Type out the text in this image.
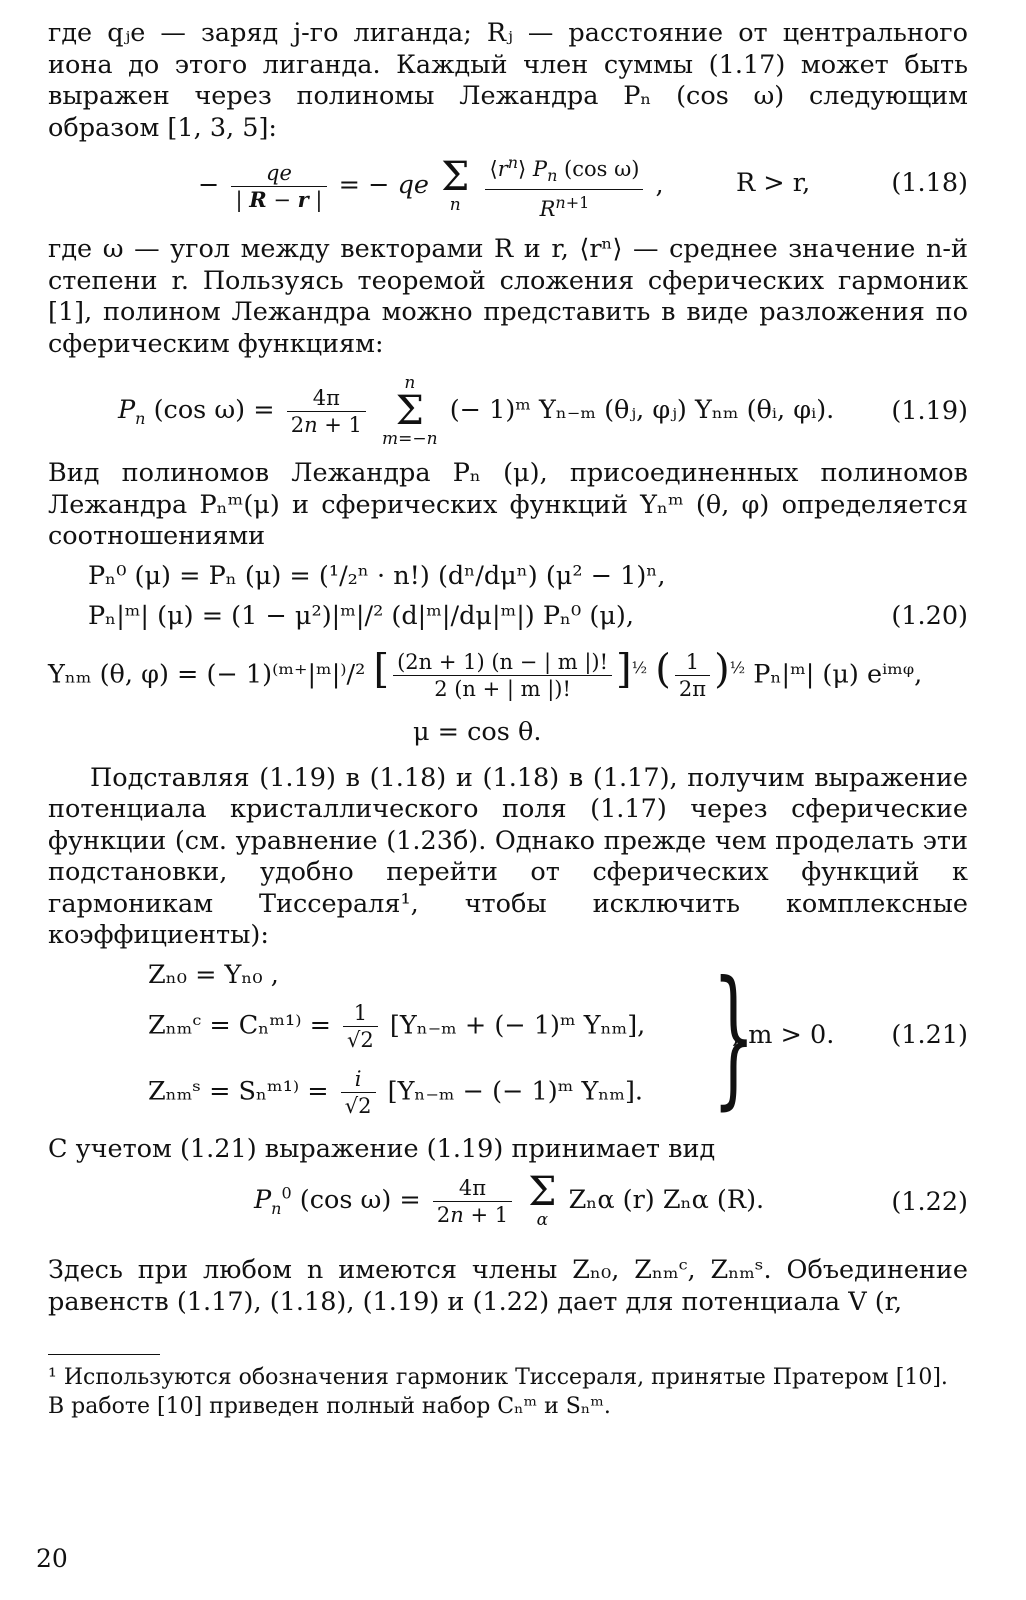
где qⱼe — заряд j-го лиганда; Rⱼ — расстояние от центрального иона до этого лиганда. Каждый член суммы (1.17) может быть выражен через полиномы Лежандра Pₙ (cos ω) следующим образом [1, 3, 5]:

− $\frac{qe}{| R - r |}$ = − qe Σ
n
	$\frac{⟨r^n⟩ P_n (\cos \omega)}{R^{n+1}}$ ,	R > r,	(1.18)

где ω — угол между векторами R и r, ⟨rⁿ⟩ — среднее значение n-й степени r. Пользуясь теоремой сложения сферических гармоник [1], полином Лежандра можно представить в виде разложения по сферическим функциям:

$P_n$ (cos $\omega) = \frac{4\pi}{2n + 1}$

n
Σ
m=−n
(− 1)ᵐ Yₙ₋ₘ (θⱼ, φⱼ) Yₙₘ (θᵢ, φᵢ). (1.19)

Вид полиномов Лежандра Pₙ (μ), присоединенных полиномов Лежандра Pₙᵐ(μ) и сферических функций Yₙᵐ (θ, φ) определяется соотношениями

Pₙ⁰ (μ) = Pₙ (μ) = (¹/₂ⁿ · n!) (dⁿ/dμⁿ) (μ² − 1)ⁿ,
Pₙ|ᵐ| (μ) = (1 − μ²)|ᵐ|/² (d|ᵐ|/dμ|ᵐ|) Pₙ⁰ (μ),	(1.20)
Yₙₘ (θ, φ) = (− 1)⁽ᵐ⁺|ᵐ|⁾/² [ $\frac{(2n + 1) (n - | m |)!}{2 (n + | m |)!} ]^{\frac{1}{2}}$ ( $\frac{1}{2\pi} )^{\frac{1}{2}}$ Pₙ|ᵐ| (μ) eⁱᵐᵠ,
μ = cos θ.

Подставляя (1.19) в (1.18) и (1.18) в (1.17), получим выражение потенциала кристаллического поля (1.17) через сферические функции (см. уравнение (1.23б). Однако прежде чем проделать эти подстановки, удобно перейти от сферических функций к гармоникам Тиссераля¹, чтобы исключить комплексные коэффициенты):

Zₙ₀ = Yₙ₀ ,
Zₙₘᶜ = Cₙᵐ¹⁾ = $\frac{1}{√2} [Y_{n-m}$ + (− 1)ᵐ Yₙₘ],
Zₙₘˢ = Sₙᵐ¹⁾ = $\frac{i}{√2} [Y_{n-m}$ − (− 1)ᵐ Yₙₘ]. }
, m > 0. (1.21)

С учетом (1.21) выражение (1.19) принимает вид

$P_n^0$ (cos $\omega) = \frac{4\pi}{2n + 1}$
Σ
α
Zₙα (r) Zₙα (R).	(1.22)

Здесь при любом n имеются члены Zₙ₀, Zₙₘᶜ, Zₙₘˢ. Объединение равенств (1.17), (1.18), (1.19) и (1.22) дает для потенциала V (r,

¹ Используются обозначения гармоник Тиссераля, принятые Пратером [10]. В работе [10] приведен полный набор Cₙᵐ и Sₙᵐ.

20
